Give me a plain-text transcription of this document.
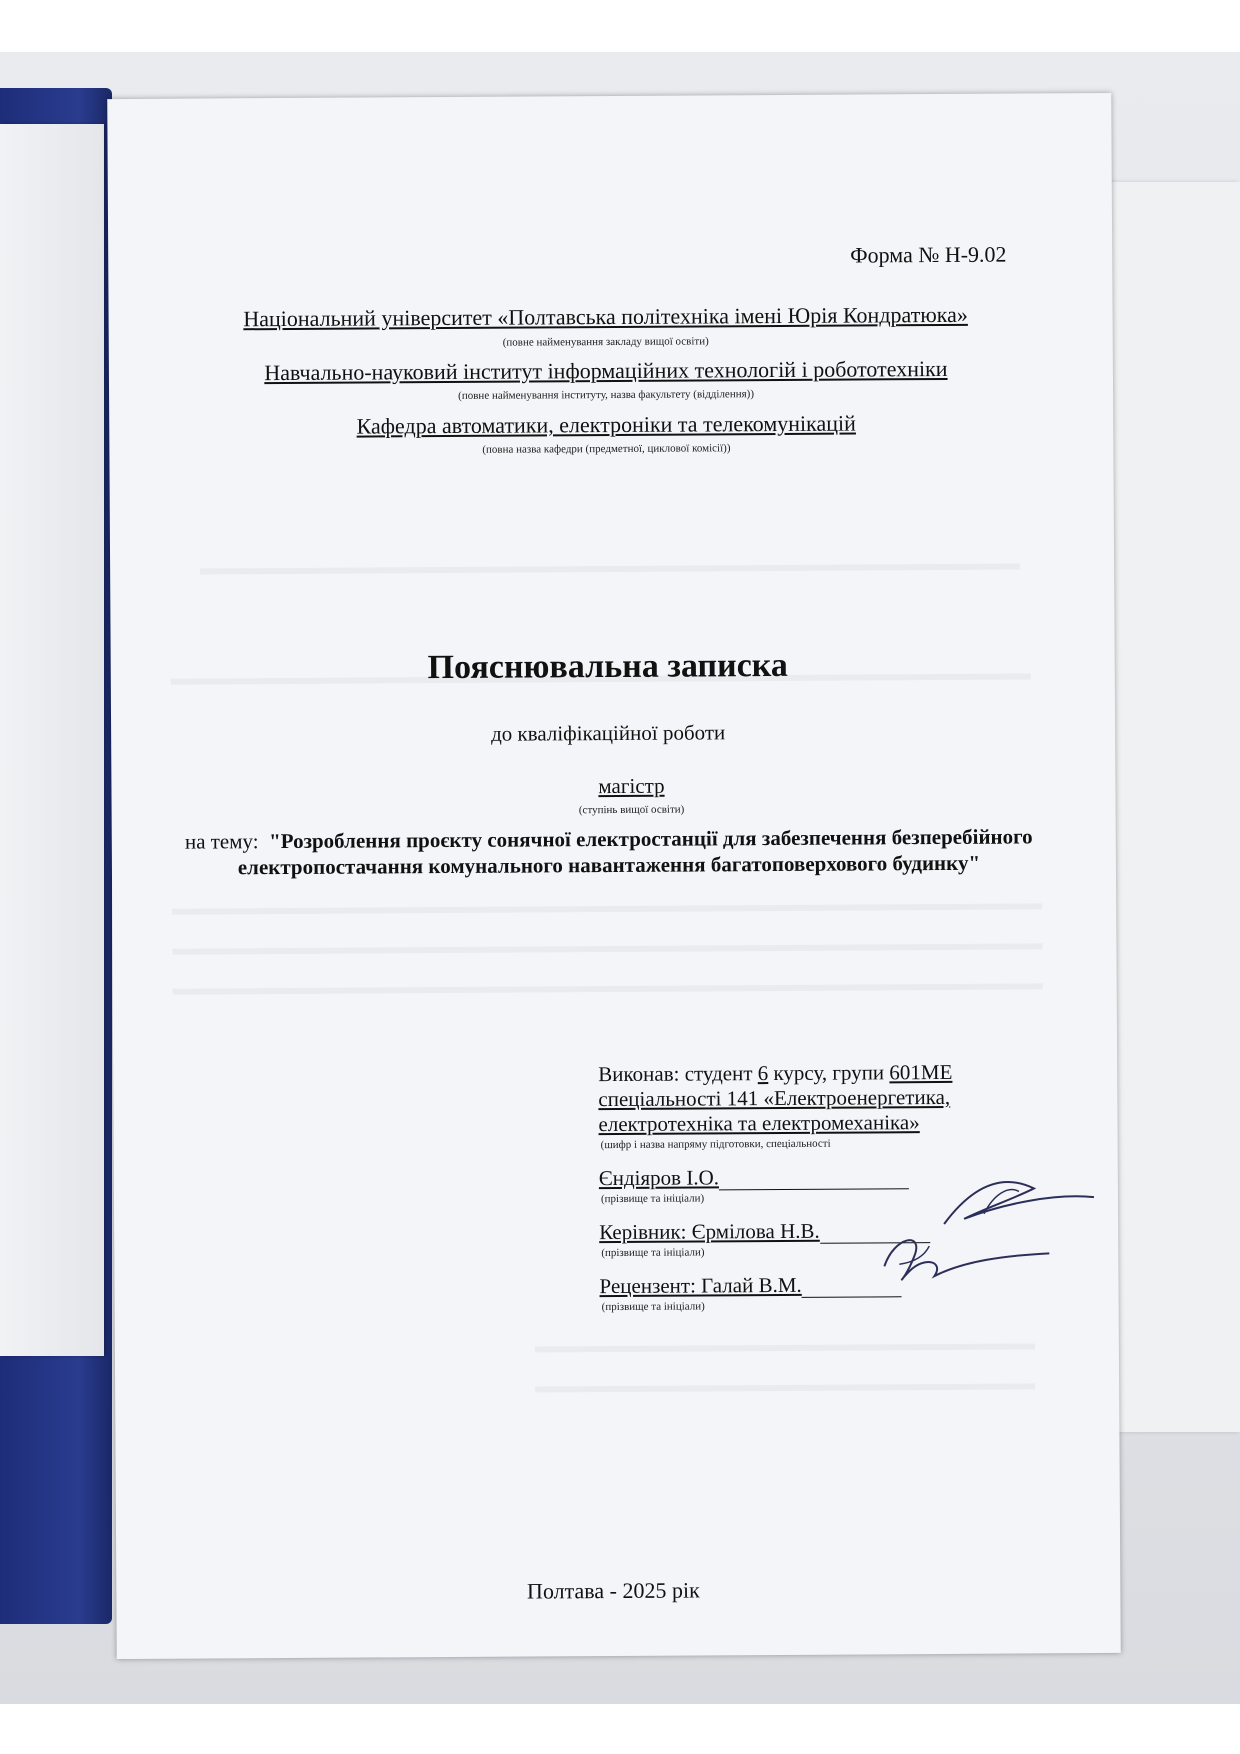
Форма № Н-9.02
Національний університет «Полтавська політехніка імені Юрія Кондратюка»
(повне найменування закладу вищої освіти)
Навчально-науковий інститут інформаційних технологій і робототехніки
(повне найменування інституту, назва факультету (відділення))
Кафедра автоматики, електроніки та телекомунікацій
(повна назва кафедри (предметної, циклової комісії))
Пояснювальна записка
до кваліфікаційної роботи
магістр
(ступінь вищої освіти)
на тему: "Розроблення проєкту сонячної електростанції для забезпечення безперебійного електропостачання комунального навантаження багатоповерхового будинку"
Виконав: студент 6 курсу, групи 601МЕ
спеціальності 141 «Електроенергетика,
електротехніка та електромеханіка»
(шифр і назва напряму підготовки, спеціальності
Єндіяров І.О.
(прізвище та ініціали)
Керівник: Єрмілова Н.В.
(прізвище та ініціали)
Рецензент: Галай В.М.
(прізвище та ініціали)
Полтава - 2025 рік
